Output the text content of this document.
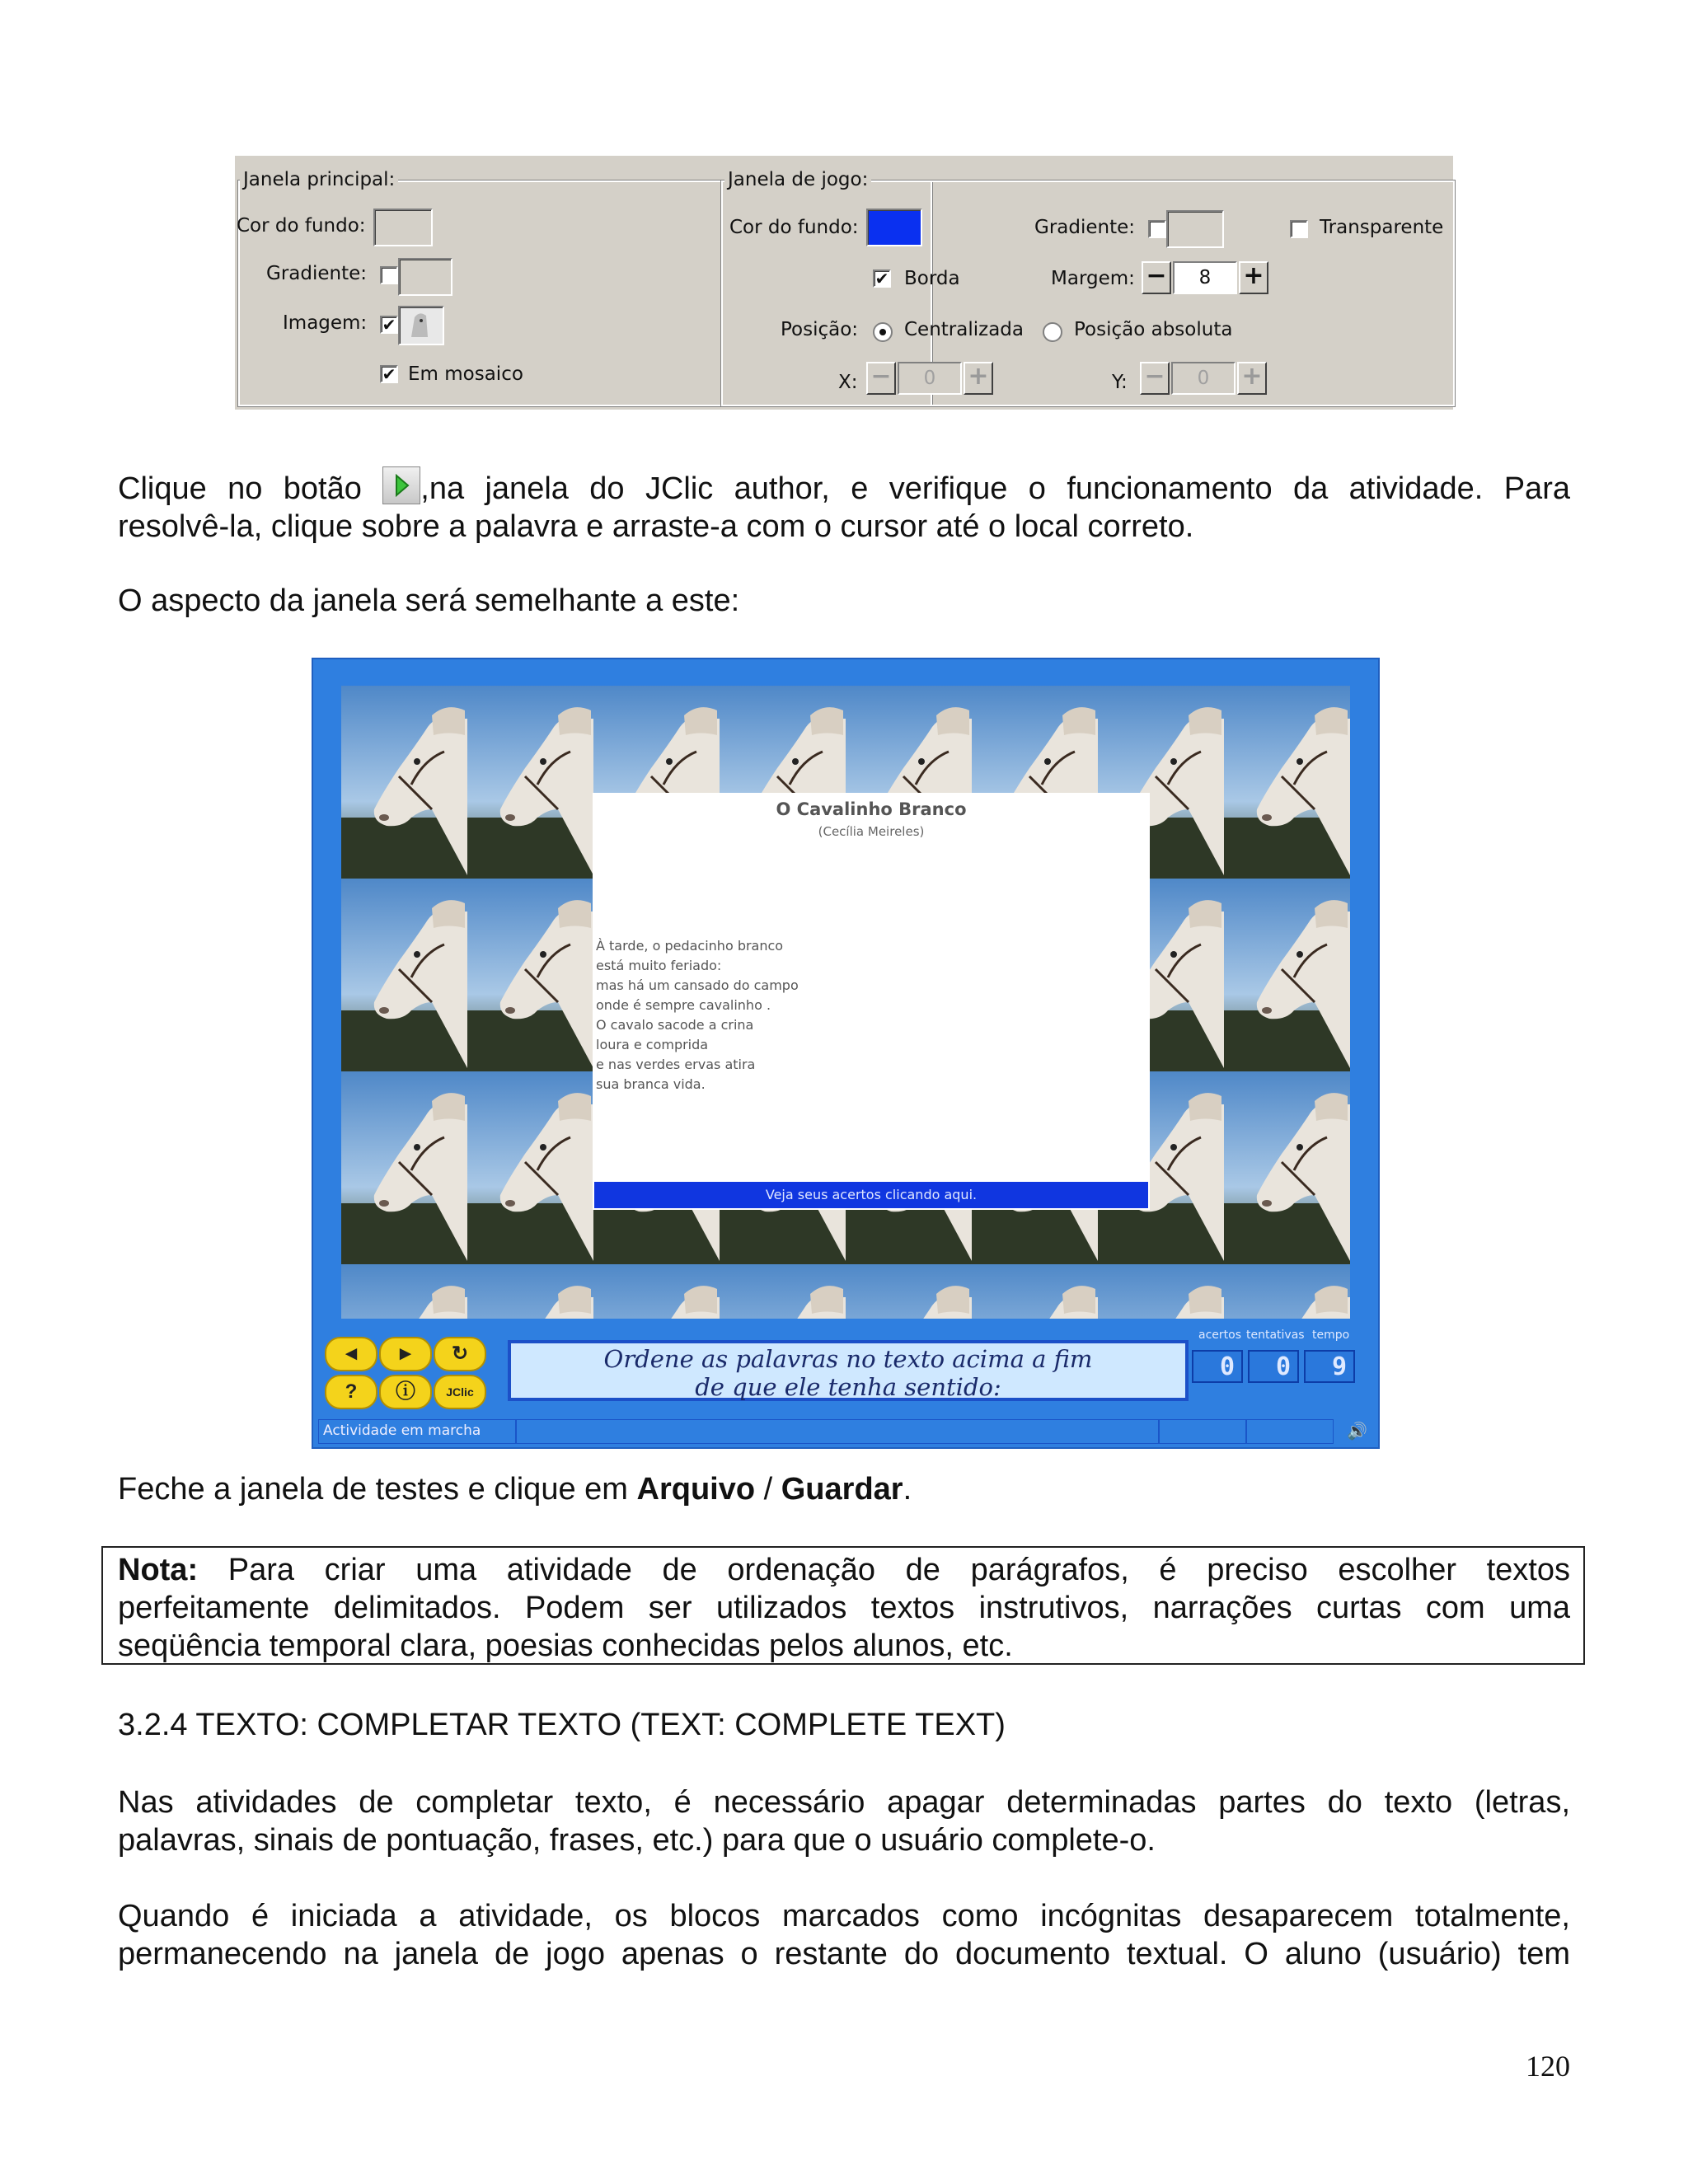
Janela principal:
Cor do fundo:
Gradiente:
Imagem: ✔
✔ Em mosaico
Janela de jogo:
Cor do fundo:	Gradiente:	Transparente
✔ Borda	Margem: −	8	+
Posição: Centralizada	Posição absoluta
X: −	0	+	Y: −	0	+
Clique no botão ,na janela do JClic author, e verifique o funcionamento da atividade. Para
resolvê-la, clique sobre a palavra e arraste-a com o cursor até o local correto.
O aspecto da janela será semelhante a este:
O Cavalinho Branco
(Cecília Meireles)
À tarde, o pedacinho branco
está muito feriado:
mas há um cansado do campo
onde é sempre cavalinho .
O cavalo sacode a crina
loura e comprida
e nas verdes ervas atira
sua branca vida.
Veja seus acertos clicando aqui.
◄	►	↻
?	ⓘ	JClic
Ordene as palavras no texto acima a fim
de que ele tenha sentido:
acertos tentativas tempo
0	0	9
Actividade em marcha	🔊
Feche a janela de testes e clique em Arquivo / Guardar.
Nota: Para criar uma atividade de ordenação de parágrafos, é preciso escolher textos
perfeitamente delimitados. Podem ser utilizados textos instrutivos, narrações curtas com uma
seqüência temporal clara, poesias conhecidas pelos alunos, etc.
3.2.4 TEXTO: COMPLETAR TEXTO (TEXT: COMPLETE TEXT)
Nas atividades de completar texto, é necessário apagar determinadas partes do texto (letras,
palavras, sinais de pontuação, frases, etc.) para que o usuário complete-o.
Quando é iniciada a atividade, os blocos marcados como incógnitas desaparecem totalmente,
permanecendo na janela de jogo apenas o restante do documento textual. O aluno (usuário) tem
120
